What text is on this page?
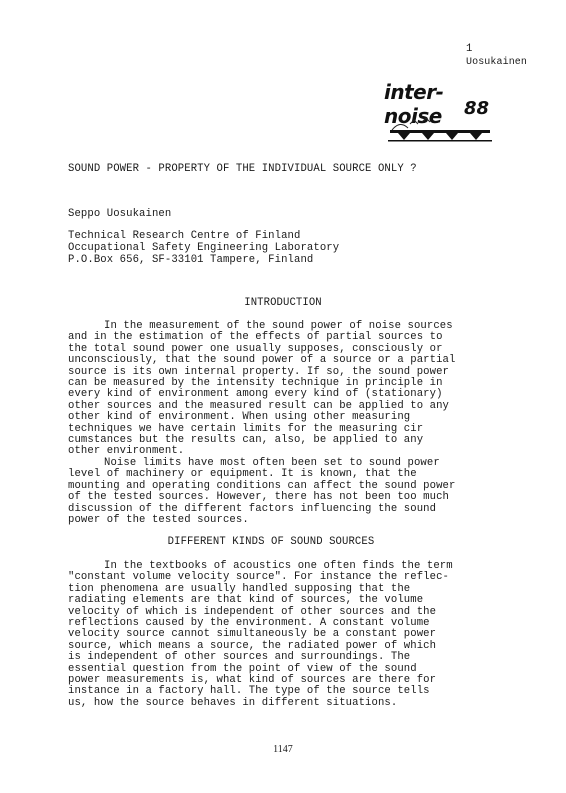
1
Uosukainen
inter-noise	88
SOUND POWER - PROPERTY OF THE INDIVIDUAL SOURCE ONLY ?
Seppo Uosukainen
Technical Research Centre of Finland
Occupational Safety Engineering Laboratory
P.O.Box 656, SF-33101 Tampere, Finland
INTRODUCTION
In the measurement of the sound power of noise sources
and in the estimation of the effects of partial sources to
the total sound power one usually supposes, consciously or
unconsciously, that the sound power of a source or a partial
source is its own internal property. If so, the sound power
can be measured by the intensity technique in principle in
every kind of environment among every kind of (stationary)
other sources and the measured result can be applied to any
other kind of environment. When using other measuring
techniques we have certain limits for the measuring cir
cumstances but the results can, also, be applied to any
other environment.
Noise limits have most often been set to sound power
level of machinery or equipment. It is known, that the
mounting and operating conditions can affect the sound power
of the tested sources. However, there has not been too much
discussion of the different factors influencing the sound
power of the tested sources.
DIFFERENT KINDS OF SOUND SOURCES
In the textbooks of acoustics one often finds the term
"constant volume velocity source". For instance the reflec-
tion phenomena are usually handled supposing that the
radiating elements are that kind of sources, the volume
velocity of which is independent of other sources and the
reflections caused by the environment. A constant volume
velocity source cannot simultaneously be a constant power
source, which means a source, the radiated power of which
is independent of other sources and surroundings. The
essential question from the point of view of the sound
power measurements is, what kind of sources are there for
instance in a factory hall. The type of the source tells
us, how the source behaves in different situations.
1147
